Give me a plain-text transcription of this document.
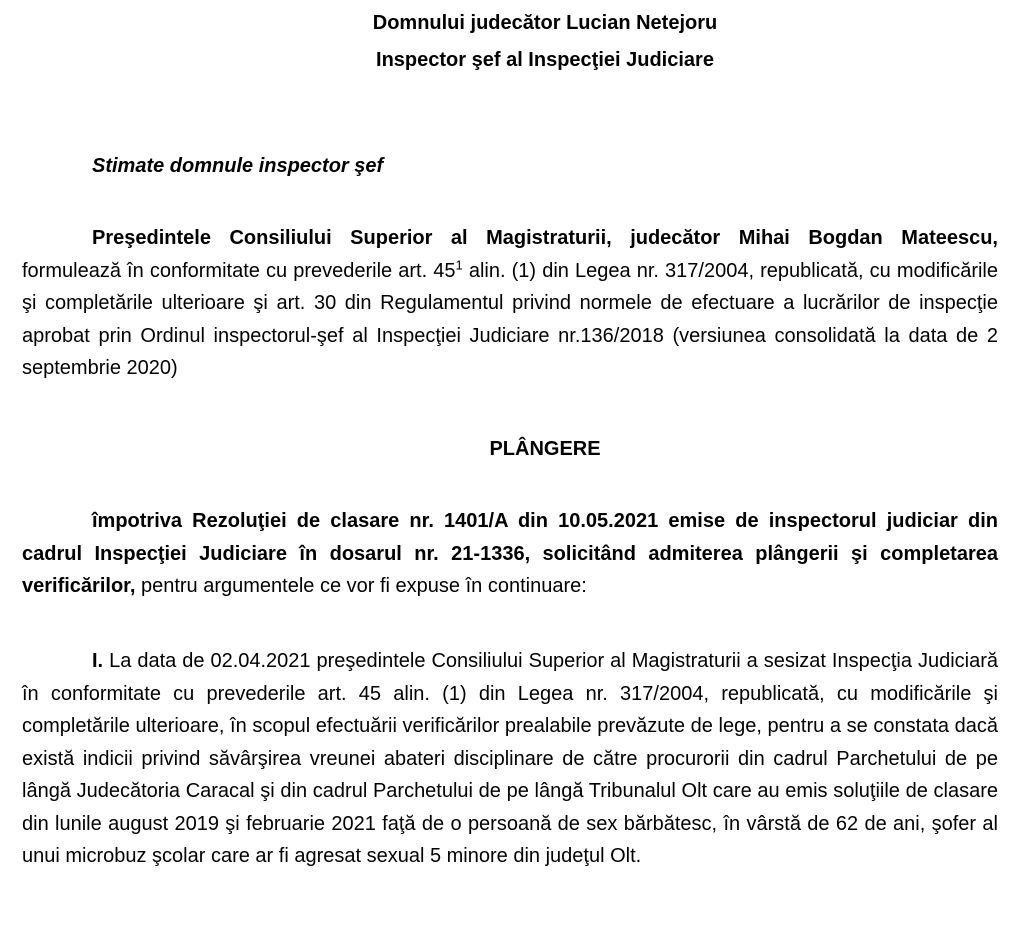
Domnului judecător Lucian Netejoru

Inspector şef al Inspecţiei Judiciare

Stimate domnule inspector şef

Preşedintele Consiliului Superior al Magistraturii, judecător Mihai Bogdan Mateescu, formulează în conformitate cu prevederile art. $45^1$ alin. (1) din Legea nr. 317/2004, republicată, cu modificările şi completările ulterioare şi art. 30 din Regulamentul privind normele de efectuare a lucrărilor de inspecţie aprobat prin Ordinul inspectorul-şef al Inspecţiei Judiciare nr.136/2018 (versiunea consolidată la data de 2 septembrie 2020)

PLÂNGERE

împotriva Rezoluţiei de clasare nr. 1401/A din 10.05.2021 emise de inspectorul judiciar din cadrul Inspecţiei Judiciare în dosarul nr. 21-1336, solicitând admiterea plângerii şi completarea verificărilor, pentru argumentele ce vor fi expuse în continuare:

I. La data de 02.04.2021 preşedintele Consiliului Superior al Magistraturii a sesizat Inspecţia Judiciară în conformitate cu prevederile art. 45 alin. (1) din Legea nr. 317/2004, republicată, cu modificările şi completările ulterioare, în scopul efectuării verificărilor prealabile prevăzute de lege, pentru a se constata dacă există indicii privind săvârşirea vreunei abateri disciplinare de către procurorii din cadrul Parchetului de pe lângă Judecătoria Caracal şi din cadrul Parchetului de pe lângă Tribunalul Olt care au emis soluţiile de clasare din lunile august 2019 şi februarie 2021 faţă de o persoană de sex bărbătesc, în vârstă de 62 de ani, şofer al unui microbuz şcolar care ar fi agresat sexual 5 minore din judeţul Olt.
